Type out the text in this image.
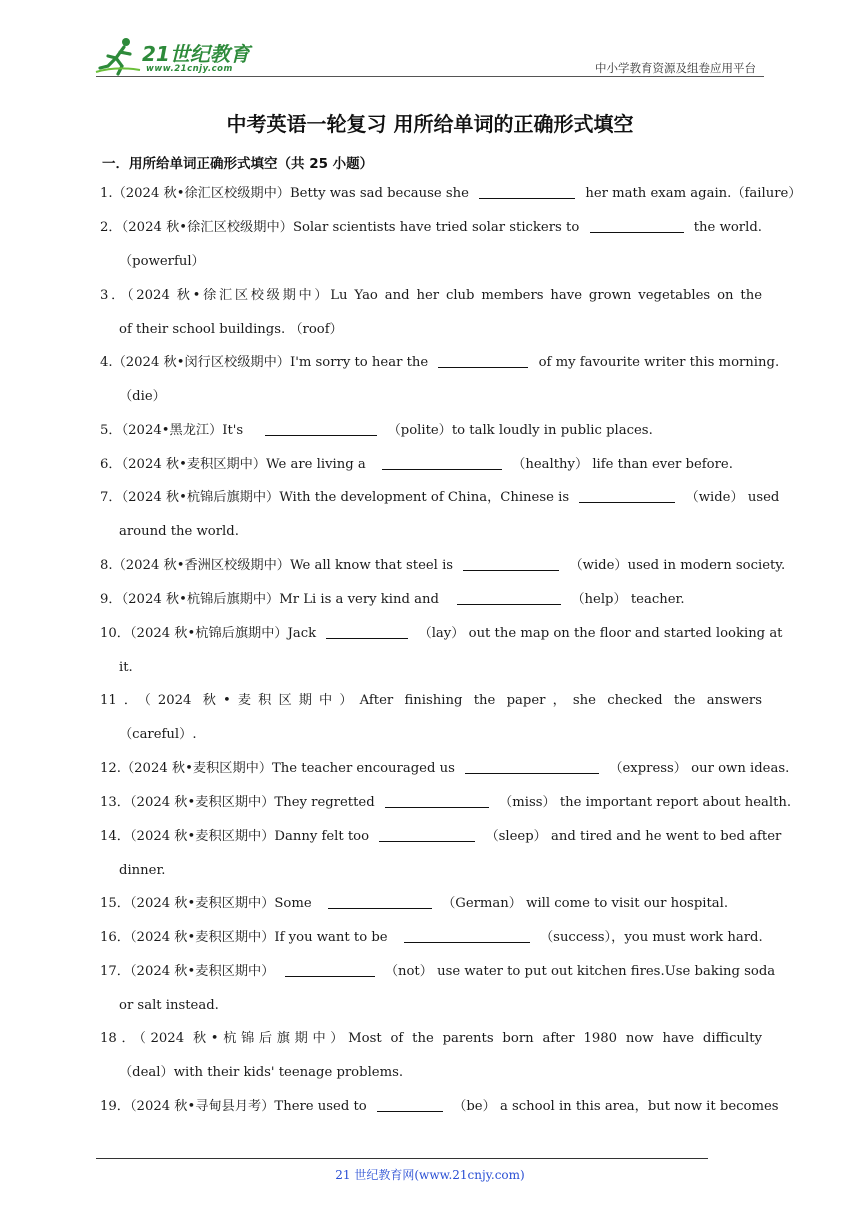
21世纪教育
www.21cnjy.com	中小学教育资源及组卷应用平台
中考英语一轮复习 用所给单词的正确形式填空
一．用所给单词正确形式填空（共 25 小题）
1.（2024 秋•徐汇区校级期中）Betty was sad because she	her math exam again.（failure）
2．（2024 秋•徐汇区校级期中）Solar scientists have tried solar stickers to	the world.
（powerful）
3．（2024 秋•徐汇区校级期中）Lu Yao and her club members have grown vegetables on the
of their school buildings. （roof）
4.（2024 秋•闵行区校级期中）I'm sorry to hear the	of my favourite writer this morning.
（die）
5．（2024•黑龙江）It's	（polite）to talk loudly in public places.
6．（2024 秋•麦积区期中）We are living a	（healthy） life than ever before.
7．（2024 秋•杭锦后旗期中）With the development of China，Chinese is	（wide） used
around the world.
8.（2024 秋•香洲区校级期中）We all know that steel is	（wide）used in modern society.
9．（2024 秋•杭锦后旗期中）Mr Li is a very kind and	（help） teacher.
10．（2024 秋•杭锦后旗期中）Jack	（lay） out the map on the floor and started looking at
it.
11．（2024 秋•麦积区期中）After finishing the paper，she checked the answers
（careful）.
12.（2024 秋•麦积区期中）The teacher encouraged us	（express） our own ideas.
13．（2024 秋•麦积区期中）They regretted	（miss） the important report about health.
14．（2024 秋•麦积区期中）Danny felt too	（sleep） and tired and he went to bed after
dinner.
15．（2024 秋•麦积区期中）Some	（German） will come to visit our hospital.
16．（2024 秋•麦积区期中）If you want to be	（success），you must work hard.
17．（2024 秋•麦积区期中）	（not） use water to put out kitchen fires.Use baking soda
or salt instead.
18．（2024 秋•杭锦后旗期中）Most of the parents born after 1980 now have difficulty
（deal）with their kids' teenage problems.
19．（2024 秋•寻甸县月考）There used to	（be） a school in this area，but now it becomes
21 世纪教育网(www.21cnjy.com)
